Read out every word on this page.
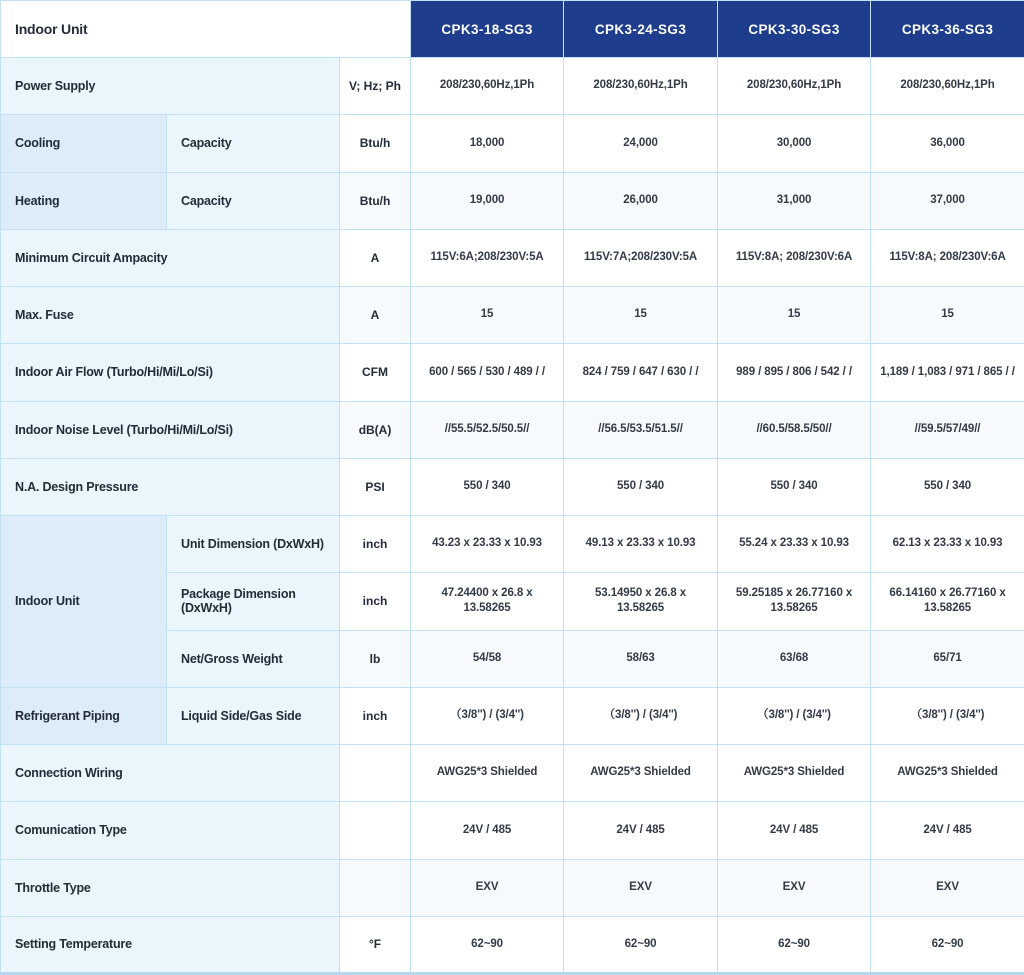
Indoor Unit			CPK3-18-SG3	CPK3-24-SG3	CPK3-30-SG3	CPK3-36-SG3
Power Supply		V; Hz; Ph	208/230,60Hz,1Ph	208/230,60Hz,1Ph	208/230,60Hz,1Ph	208/230,60Hz,1Ph
Cooling	Capacity	Btu/h	18,000	24,000	30,000	36,000
Heating	Capacity	Btu/h	19,000	26,000	31,000	37,000
Minimum Circuit Ampacity		A	115V:6A;208/230V:5A	115V:7A;208/230V:5A	115V:8A; 208/230V:6A	115V:8A; 208/230V:6A
Max. Fuse		A	15	15	15	15
Indoor Air Flow (Turbo/Hi/Mi/Lo/Si)		CFM	600 / 565 / 530 / 489 / /	824 / 759 / 647 / 630 / /	989 / 895 / 806 / 542 / /	1,189 / 1,083 / 971 / 865 / /
Indoor Noise Level (Turbo/Hi/Mi/Lo/Si)		dB(A)	//55.5/52.5/50.5//	//56.5/53.5/51.5//	//60.5/58.5/50//	//59.5/57/49//
N.A. Design Pressure		PSI	550 / 340	550 / 340	550 / 340	550 / 340
Indoor Unit	Unit Dimension (DxWxH)	inch	43.23 x 23.33 x 10.93	49.13 x 23.33 x 10.93	55.24 x 23.33 x 10.93	62.13 x 23.33 x 10.93
	Package Dimension (DxWxH)	inch	47.24400 x 26.8 x 13.58265	53.14950 x 26.8 x 13.58265	59.25185 x 26.77160 x 13.58265	66.14160 x 26.77160 x 13.58265
	Net/Gross Weight	lb	54/58	58/63	63/68	65/71
Refrigerant Piping	Liquid Side/Gas Side	inch	（3/8'') / (3/4'')	（3/8'') / (3/4'')	（3/8'') / (3/4'')	（3/8'') / (3/4'')
Connection Wiring			AWG25*3 Shielded	AWG25*3 Shielded	AWG25*3 Shielded	AWG25*3 Shielded
Comunication Type			24V / 485	24V / 485	24V / 485	24V / 485
Throttle Type			EXV	EXV	EXV	EXV
Setting Temperature		°F	62~90	62~90	62~90	62~90
